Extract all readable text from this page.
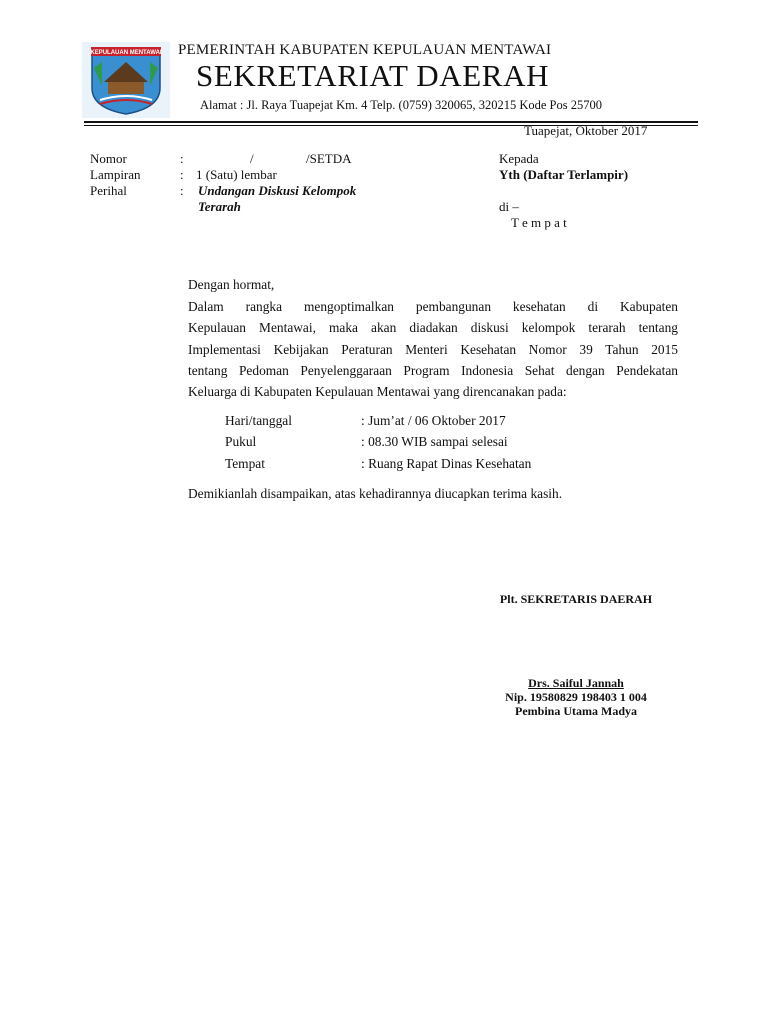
KEPULAUAN MENTAWAI PEMERINTAH KABUPATEN KEPULAUAN MENTAWAI
SEKRETARIAT DAERAH
Alamat : Jl. Raya Tuapejat Km. 4 Telp. (0759) 320065, 320215 Kode Pos 25700
Tuapejat, Oktober 2017
Nomor	:	/	/SETDA
Lampiran	: 1 (Satu) lembar
Perihal	: Undangan Diskusi Kelompok
Terarah
Kepada
Yth (Daftar Terlampir)
di –
T e m p a t
Dengan hormat,
Dalam rangka mengoptimalkan pembangunan kesehatan di Kabupaten
Kepulauan Mentawai, maka akan diadakan diskusi kelompok terarah tentang
Implementasi Kebijakan Peraturan Menteri Kesehatan Nomor 39 Tahun 2015
tentang Pedoman Penyelenggaraan Program Indonesia Sehat dengan Pendekatan
Keluarga di Kabupaten Kepulauan Mentawai yang direncanakan pada:
Hari/tanggal	: Jum’at / 06 Oktober 2017
Pukul	: 08.30 WIB sampai selesai
Tempat	: Ruang Rapat Dinas Kesehatan
Demikianlah disampaikan, atas kehadirannya diucapkan terima kasih.
Plt. SEKRETARIS DAERAH
Drs. Saiful Jannah
Nip. 19580829 198403 1 004
Pembina Utama Madya
